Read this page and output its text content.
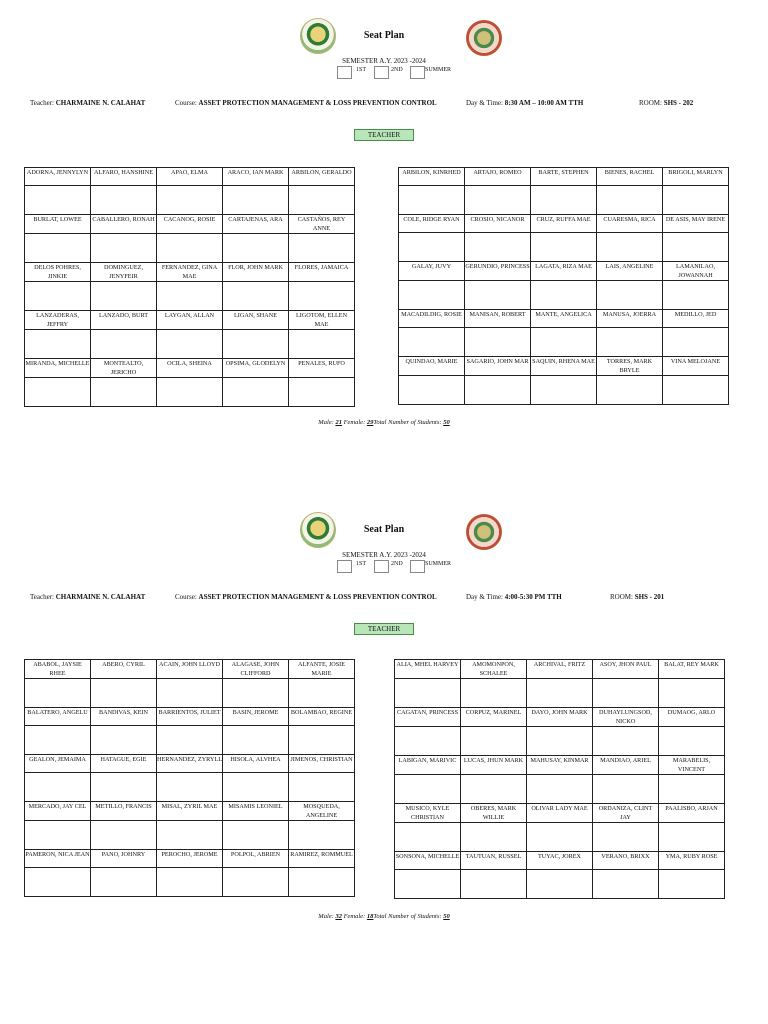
Seat Plan
SEMESTER A.Y. 2023 -2024
1ST	2ND	SUMMER
Teacher: CHARMAINE N. CALAHAT	Course: ASSET PROTECTION MANAGEMENT & LOSS PREVENTION CONTROL	Day & Time: 8:30 AM – 10:00 AM TTH	ROOM: SHS - 202
TEACHER
ADORNA, JENNYLYN	ALFARO, HANSHINE	APAO, ELMA	ARACO, IAN MARK	ARBILON, GERALDO

BURLAT, LOWEE	CABALLERO, RONAH	CACANOG, ROSIE	CARTAJENAS, ARA	CASTAÑOS, REY ANNE

DELOS POHRES, JINKIE	DOMINGUEZ, JENYFEIR	FERNANDEZ, GINA MAE	FLOR, JOHN MARK	FLORES, JAMAICA

LANZADERAS, JEFFRY	LANZADO, BURT	LAYGAN, ALLAN	LIGAN, SHANE	LIGOTOM, ELLEN MAE

MIRANDA, MICHELLE	MONTEALTO, JERICHO	OCILA, SHEINA	OPSIMA, GLODELYN	PENALES, RUFO

ARBILON, KINRHED	ARTAJO, ROMEO	BARTE, STEPHEN	BIENES, RACHEL	BRIGOLI, MARLYN

COLE, RIDGE RYAN	CROSIO, NICANOR	CRUZ, RUFFA MAE	CUARESMA, RICA	DE ASIS, MAY IRENE

GALAY, JUVY	GERUNDIO, PRINCESS	LAGATA, RIZA MAE	LAIS, ANGELINE	LAMANILAO, JOWANNAH

MACADILDIG, ROSIE	MANISAN, ROBERT	MANTE, ANGELICA	MANUSA, JOERRA	MEDILLO, JED

QUINDAO, MARIE	SAGARIO, JOHN MAR	SAQUIN, RHENA MAE	TORRES, MARK BRYLE	VINA MELOJANE

Male: 21 Female: 29Total Number of Students: 50
Seat Plan
SEMESTER A.Y. 2023 -2024
1ST	2ND	SUMMER
Teacher: CHARMAINE N. CALAHAT	Course: ASSET PROTECTION MANAGEMENT & LOSS PREVENTION CONTROL	Day & Time: 4:00-5:30 PM TTH	ROOM: SHS - 201
TEACHER
ABABOL, JAYSIE RHEE	ABERO, CYRIL	ACAIN, JOHN LLOYD	ALAGASE, JOHN CLIFFORD	ALFANTE, JOSIE MARIE

BALATERO, ANGELU	BANDIVAS, KEIN	BARRIENTOS, JULIET	BASIN, JEROME	BOLAMBAO, REGINE

GEALON, JEMAIMA	HATAGUE, EGIE	HERNANDEZ, ZYRYLL	HISOLA, ALVHEA	JIMENOS, CHRISTIAN

MERCADO, JAY CEL	METILLO, FRANCIS	MISAL, ZYRIL MAE	MISAMIS LEONIEL	MOSQUEDA, ANGELINE

PAMERON, NICA JEAN	PANO, JOHNRY	PEROCHO, JEROME	POLPOL, ABRIEN	RAMIREZ, ROMMUEL

ALIA, MHEL HARVEY	AMOMONPON, SCHALEE	ARCHIVAL, FRITZ	ASOY, JHON PAUL	BALAT, REY MARK

CAGATAN, PRINCESS	CORPUZ, MARINEL	DAYO, JOHN MARK	DUHAYLUNGSOD, NICKO	DUMAOG, ARLO

LABIGAN, MARIVIC	LUCAS, JHUN MARK	MAHUSAY, KINMAR	MANDIAO, ARIEL	MARABELIS, VINCENT

MUSICO, KYLE CHRISTIAN	OBERES, MARK WILLIE	OLIVAR LADY MAE	ORDANIZA, CLINT JAY	PAALISBO, ARJAN

SONSONA, MICHELLE	TAUTUAN, RUSSEL	TUYAC, JOREX	VERANO, BRIXX	YMA, RUBY ROSE

Male: 32 Female: 18Total Number of Students: 50
